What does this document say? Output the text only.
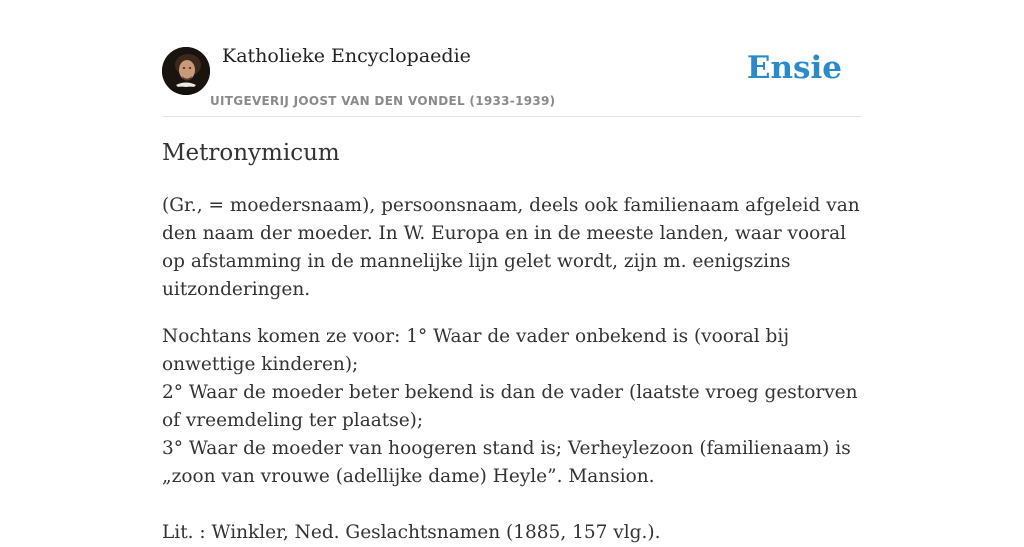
Katholieke Encyclopaedie
UITGEVERIJ JOOST VAN DEN VONDEL (1933-1939)
Ensie
Metronymicum

(Gr., = moedersnaam), persoonsnaam, deels ook familienaam afgeleid van den naam der moeder. In W. Europa en in de meeste landen, waar vooral op afstamming in de mannelijke lijn gelet wordt, zijn m. eenigszins uitzonderingen.

Nochtans komen ze voor: 1° Waar de vader onbekend is (vooral bij onwettige kinderen);
2° Waar de moeder beter bekend is dan de vader (laatste vroeg gestorven of vreemdeling ter plaatse);
3° Waar de moeder van hoogeren stand is; Verheylezoon (familienaam) is „zoon van vrouwe (adellijke dame) Heyle”. Mansion.

Lit. : Winkler, Ned. Geslachtsnamen (1885, 157 vlg.).
